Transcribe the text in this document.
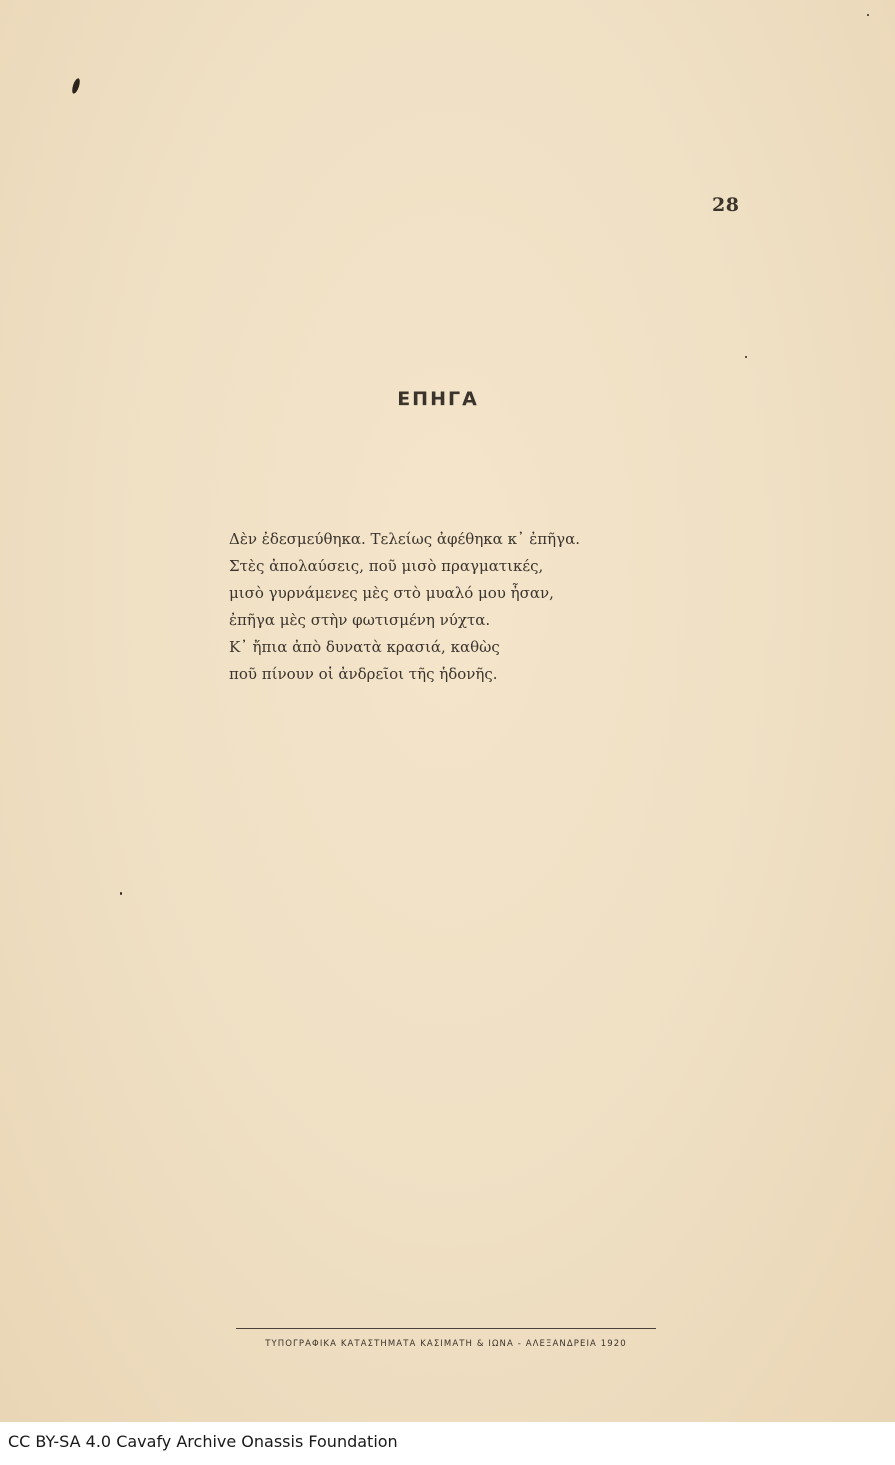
28
ΕΠΗΓΑ
Δὲν ἐδεσμεύθηκα. Τελείως ἀφέθηκα κ᾽ ἐπῆγα.
Στὲς ἀπολαύσεις, ποῦ μισὸ πραγματικές,
μισὸ γυρνάμενες μὲς στὸ μυαλό μου ἦσαν,
ἐπῆγα μὲς στὴν φωτισμένη νύχτα.
Κ᾽ ἤπια ἀπὸ δυνατὰ κρασιά, καθὼς
ποῦ πίνουν οἱ ἀνδρεῖοι τῆς ἡδονῆς.
ΤΥΠΟΓΡΑΦΙΚΑ ΚΑΤΑΣΤΗΜΑΤΑ ΚΑΣΙΜΑΤΗ & ΙΩΝΑ - ΑΛΕΞΑΝΔΡΕΙΑ 1920
CC BY-SA 4.0 Cavafy Archive Onassis Foundation
